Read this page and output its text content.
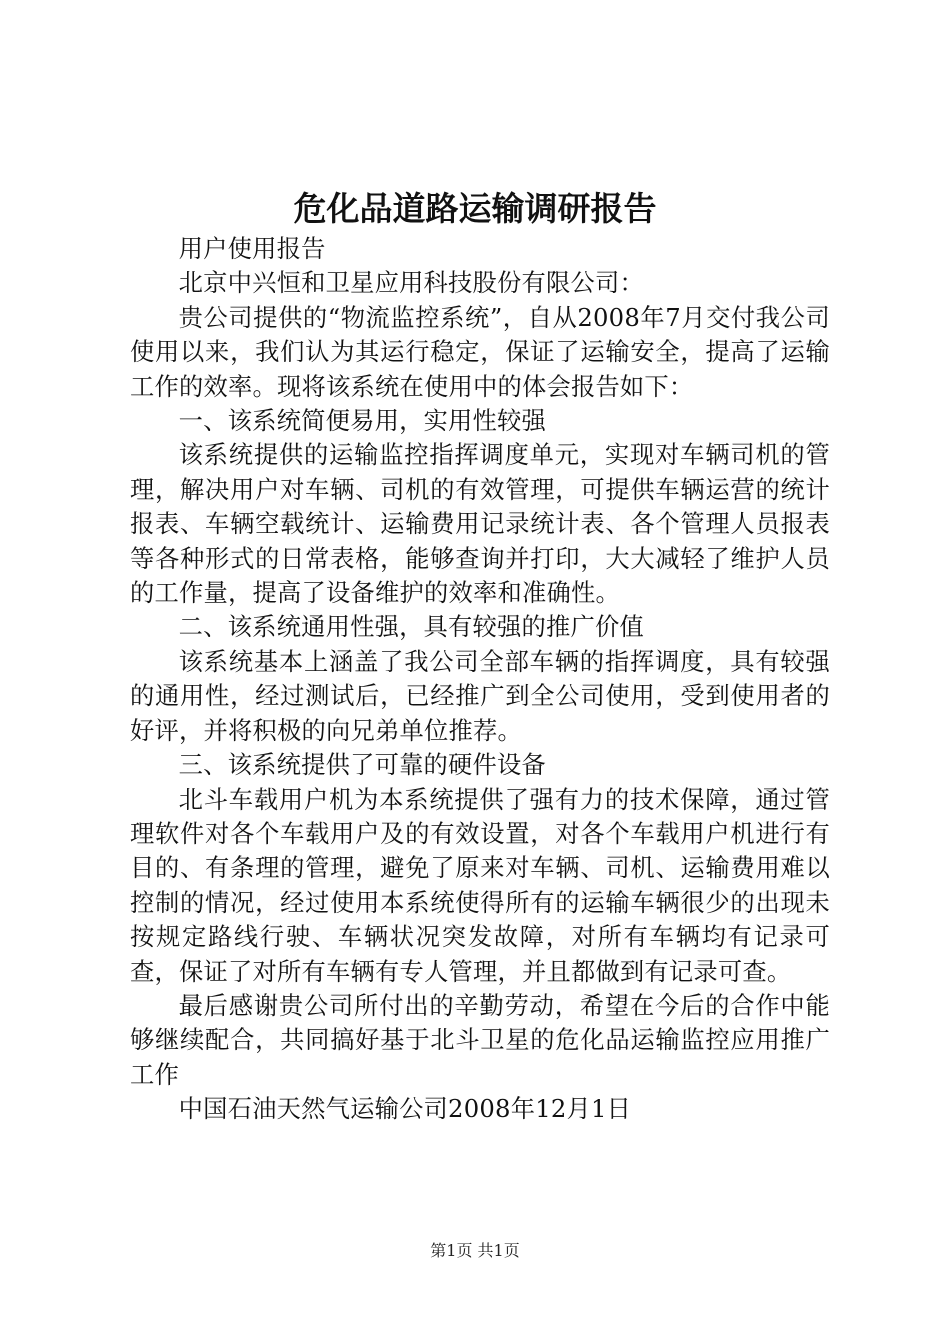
危化品道路运输调研报告

用户使用报告

北京中兴恒和卫星应用科技股份有限公司：

贵公司提供的“物流监控系统”，自从2008年7月交付我公司使用以来，我们认为其运行稳定，保证了运输安全，提高了运输工作的效率。现将该系统在使用中的体会报告如下：

一、该系统简便易用，实用性较强

该系统提供的运输监控指挥调度单元，实现对车辆司机的管理，解决用户对车辆、司机的有效管理，可提供车辆运营的统计报表、车辆空载统计、运输费用记录统计表、各个管理人员报表等各种形式的日常表格，能够查询并打印，大大减轻了维护人员的工作量，提高了设备维护的效率和准确性。

二、该系统通用性强，具有较强的推广价值

该系统基本上涵盖了我公司全部车辆的指挥调度，具有较强的通用性，经过测试后，已经推广到全公司使用，受到使用者的好评，并将积极的向兄弟单位推荐。

三、该系统提供了可靠的硬件设备

北斗车载用户机为本系统提供了强有力的技术保障，通过管理软件对各个车载用户及的有效设置，对各个车载用户机进行有目的、有条理的管理，避免了原来对车辆、司机、运输费用难以控制的情况，经过使用本系统使得所有的运输车辆很少的出现未按规定路线行驶、车辆状况突发故障，对所有车辆均有记录可查，保证了对所有车辆有专人管理，并且都做到有记录可查。

最后感谢贵公司所付出的辛勤劳动，希望在今后的合作中能够继续配合，共同搞好基于北斗卫星的危化品运输监控应用推广工作

中国石油天然气运输公司2008年12月1日

第1页 共1页
